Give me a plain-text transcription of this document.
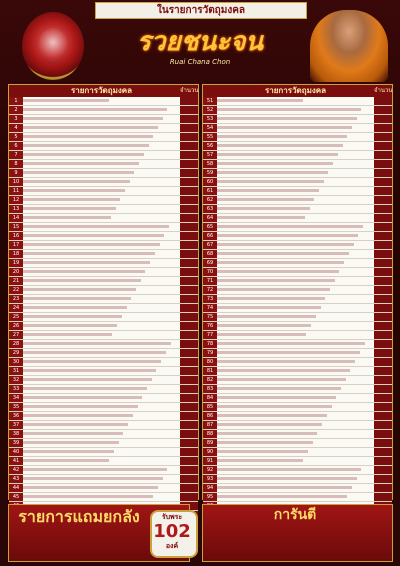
ในรายการวัตถุมงคล
รวยชนะจน
Ruai Chana Chon
รายการวัตถุมงคล	จำนวน
1
2
3
4
5
6
7
8
9
10
11
12
13
14
15
16
17
18
19
20
21
22
23
24
25
26
27
28
29
30
31
32
33
34
35
36
37
38
39
40
41
42
43
44
45
รายการวัตถุมงคล	จำนวน
51
52
53
54
55
56
57
58
59
60
61
62
63
64
65
66
67
68
69
70
71
72
73
74
75
76
77
78
79
80
81
82
83
84
85
86
87
88
89
90
91
92
93
94
95
รายการแถมยกลัง	รับพระ
102
องค์
การันตี
